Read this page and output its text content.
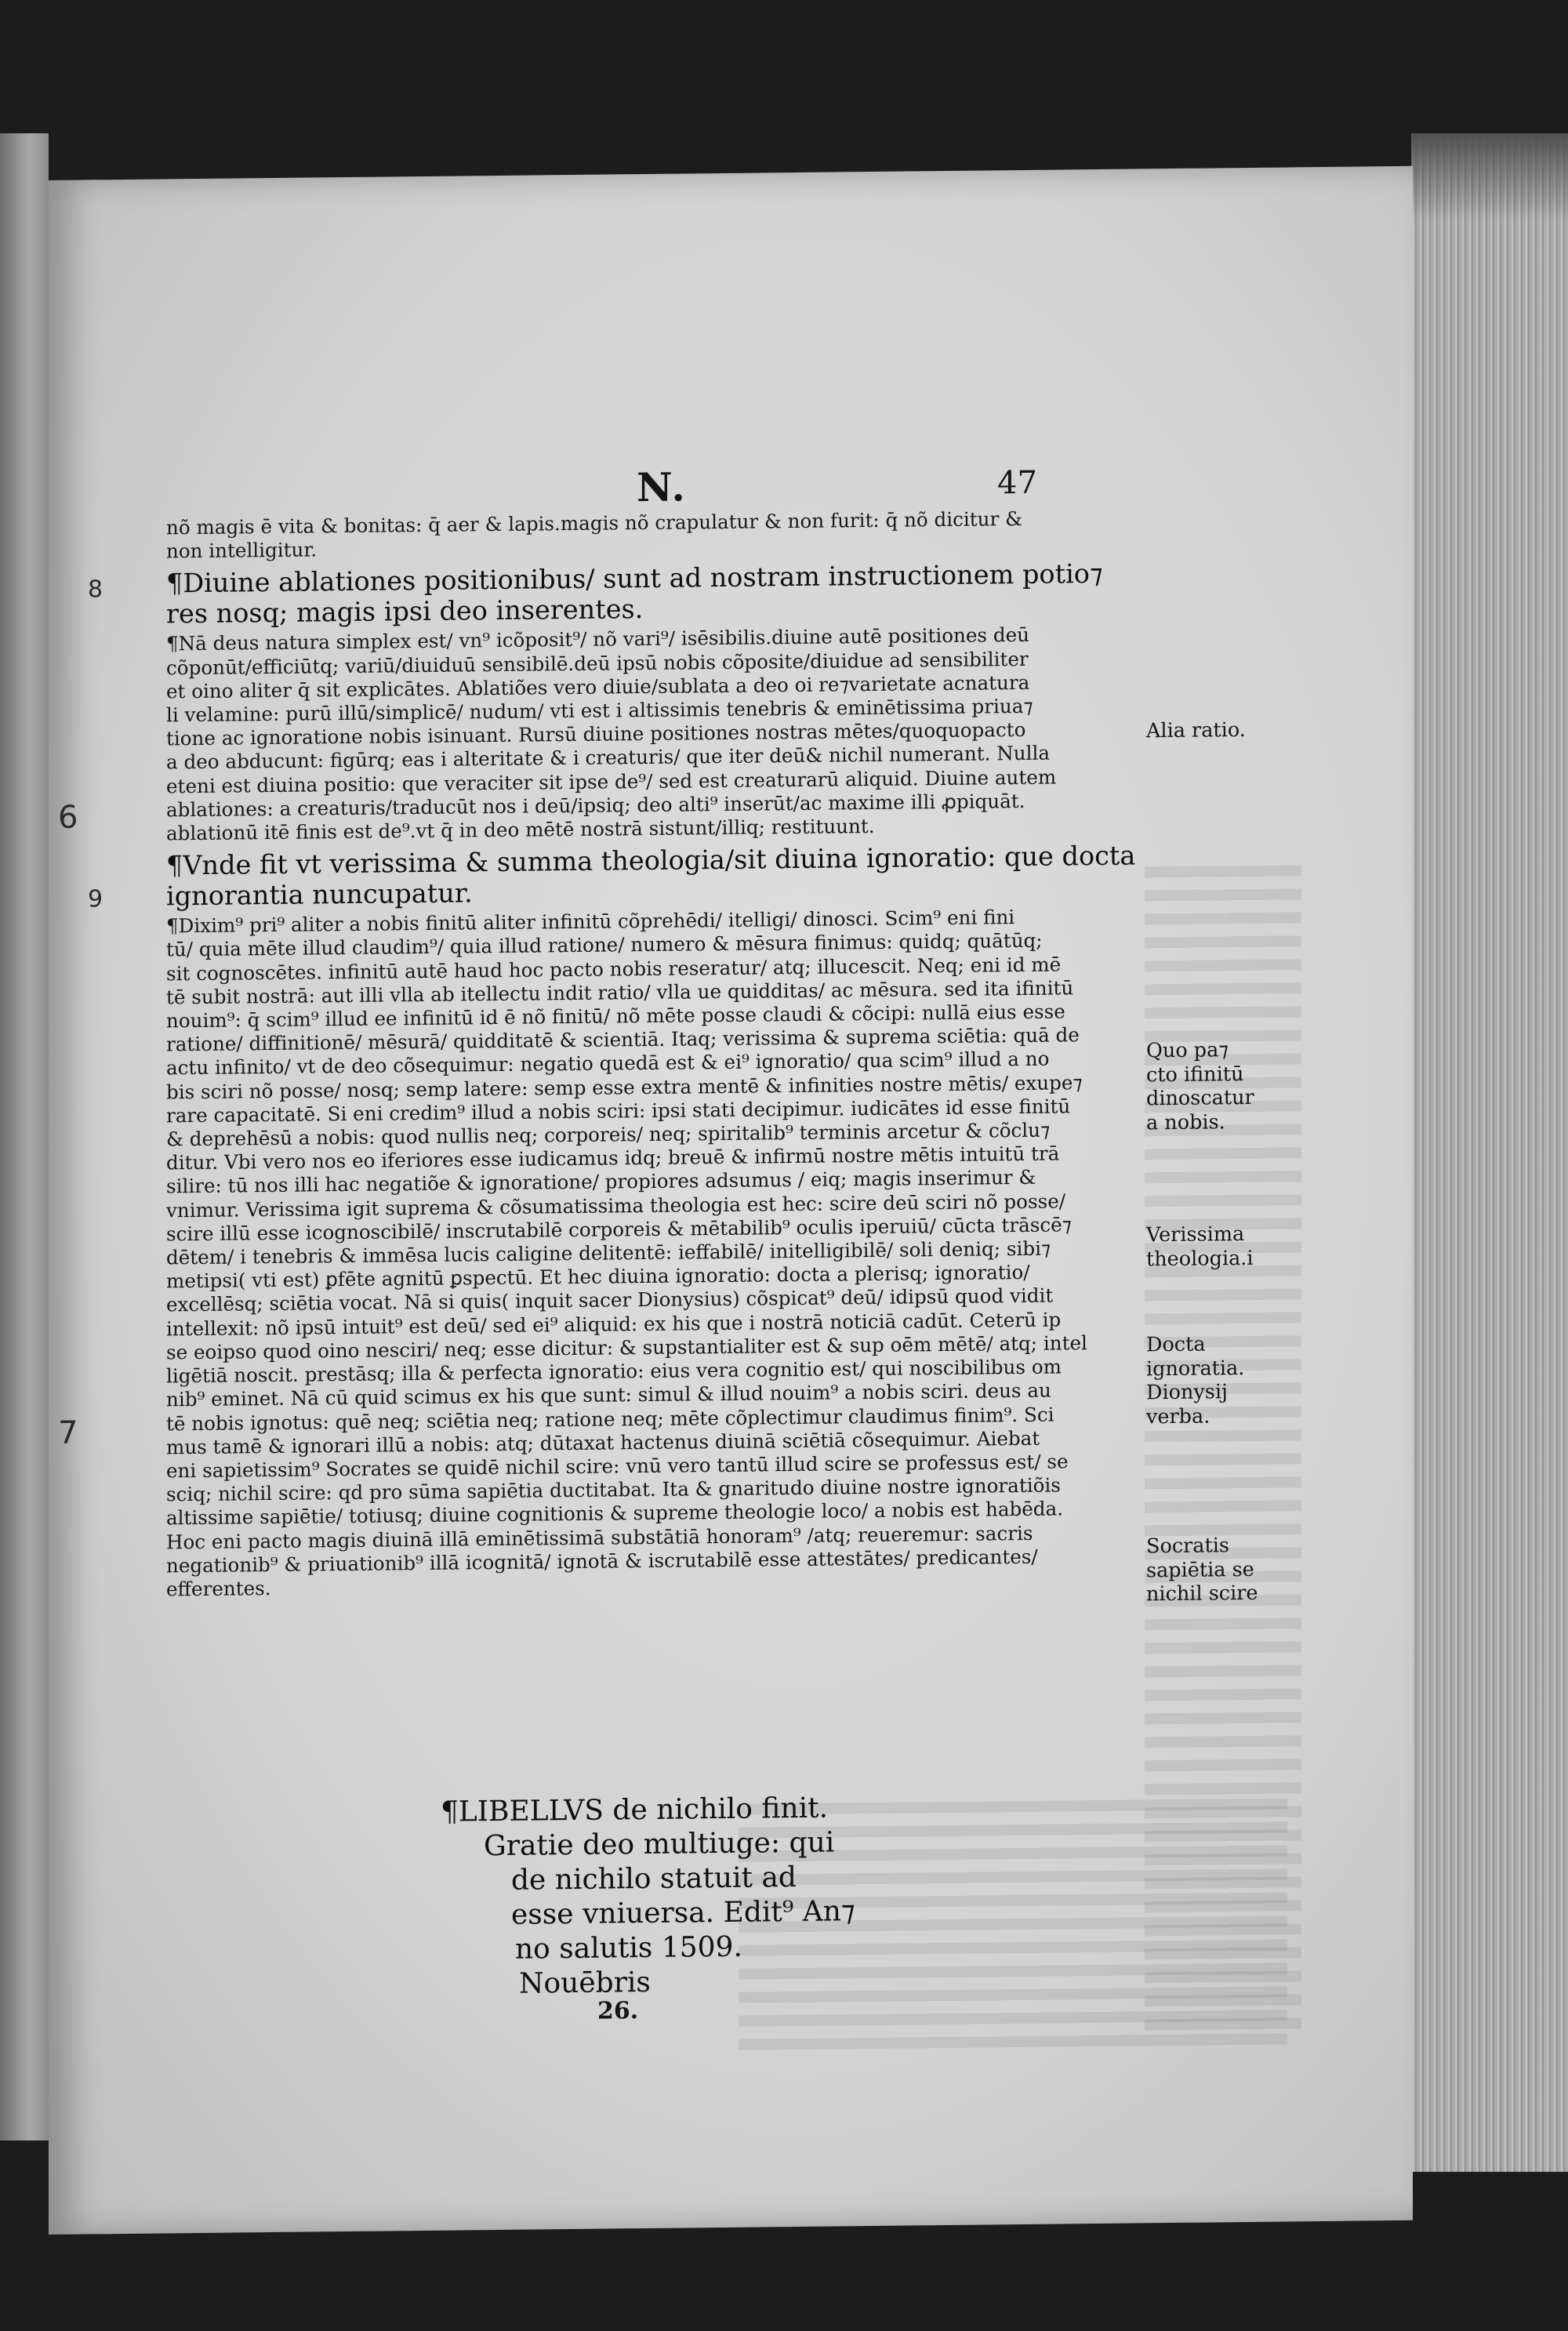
N.	47

nõ magis ē vita & bonitas: q̄ aer & lapis.magis nõ crapulatur & non furit: q̄ nõ dicitur &

non intelligitur.

¶Diuine ablationes positionibus/ sunt ad nostram instructionem potio⁊

res nosq; magis ipsi deo inserentes.

¶Nā deus natura simplex est/ vn⁹ icõposit⁹/ nõ vari⁹/ isēsibilis.diuine autē positiones deū

cõponūt/efficiūtq; variū/diuiduū sensibilē.deū ipsū nobis cõposite/diuidue ad sensibiliter

et oino aliter q̄ sit explicātes. Ablatiões vero diuie/sublata a deo oi re⁊varietate acnatura

li velamine: purū illū/simplicē/ nudum/ vti est i altissimis tenebris & eminētissima priua⁊

tione ac ignoratione nobis isinuant. Rursū diuine positiones nostras mētes/quoquopacto

a deo abducunt: figūrq; eas i alteritate & i creaturis/ que iter deū& nichil numerant. Nulla

eteni est diuina positio: que veraciter sit ipse de⁹/ sed est creaturarū aliquid. Diuine autem

ablationes: a creaturis/traducūt nos i deū/ipsiq; deo alti⁹ inserūt/ac maxime illi ꝓpiquāt.

ablationū itē finis est de⁹.vt q̄ in deo mētē nostrā sistunt/illiq; restituunt.

¶Vnde fit vt verissima & summa theologia/sit diuina ignoratio: que docta

ignorantia nuncupatur.

¶Dixim⁹ pri⁹ aliter a nobis finitū aliter infinitū cõprehēdi/ itelligi/ dinosci. Scim⁹ eni fini

tū/ quia mēte illud claudim⁹/ quia illud ratione/ numero & mēsura finimus: quidq; quātūq;

sit cognoscētes. infinitū autē haud hoc pacto nobis reseratur/ atq; illucescit. Neq; eni id mē

tē subit nostrā: aut illi vlla ab itellectu indit ratio/ vlla ue quidditas/ ac mēsura. sed ita ifinitū

nouim⁹: q̄ scim⁹ illud ee infinitū id ē nõ finitū/ nõ mēte posse claudi & cõcipi: nullā eius esse

ratione/ diffinitionē/ mēsurā/ quidditatē & scientiā. Itaq; verissima & suprema sciētia: quā de

actu infinito/ vt de deo cõsequimur: negatio quedā est & ei⁹ ignoratio/ qua scim⁹ illud a no

bis sciri nõ posse/ nosq; semp latere: semp esse extra mentē & infinities nostre mētis/ exupe⁊

rare capacitatē. Si eni credim⁹ illud a nobis sciri: ipsi stati decipimur. iudicātes id esse finitū

& deprehēsū a nobis: quod nullis neq; corporeis/ neq; spiritalib⁹ terminis arcetur & cõclu⁊

ditur. Vbi vero nos eo iferiores esse iudicamus idq; breuē & infirmū nostre mētis intuitū trā

silire: tū nos illi hac negatiõe & ignoratione/ propiores adsumus / eiq; magis inserimur &

vnimur. Verissima igit suprema & cõsumatissima theologia est hec: scire deū sciri nõ posse/

scire illū esse icognoscibilē/ inscrutabilē corporeis & mētabilib⁹ oculis iperuiū/ cūcta trāscē⁊

dētem/ i tenebris & immēsa lucis caligine delitentē: ieffabilē/ initelligibilē/ soli deniq; sibi⁊

metipsi( vti est) ꝑfēte agnitū ꝑspectū. Et hec diuina ignoratio: docta a plerisq; ignoratio/

excellēsq; sciētia vocat. Nā si quis( inquit sacer Dionysius) cõspicat⁹ deū/ idipsū quod vidit

intellexit: nõ ipsū intuit⁹ est deū/ sed ei⁹ aliquid: ex his que i nostrā noticiā cadūt. Ceterū ip

se eoipso quod oino nesciri/ neq; esse dicitur: & supstantialiter est & sup oēm mētē/ atq; intel

ligētiā noscit. prestāsq; illa & perfecta ignoratio: eius vera cognitio est/ qui noscibilibus om

nib⁹ eminet. Nā cū quid scimus ex his que sunt: simul & illud nouim⁹ a nobis sciri. deus au

tē nobis ignotus: quē neq; sciētia neq; ratione neq; mēte cõplectimur claudimus finim⁹. Sci

mus tamē & ignorari illū a nobis: atq; dūtaxat hactenus diuinā sciētiā cõsequimur. Aiebat

eni sapietissim⁹ Socrates se quidē nichil scire: vnū vero tantū illud scire se professus est/ se

sciq; nichil scire: qd pro sūma sapiētia ductitabat. Ita & gnaritudo diuine nostre ignoratiõis

altissime sapiētie/ totiusq; diuine cognitionis & supreme theologie loco/ a nobis est habēda.

Hoc eni pacto magis diuinā illā eminētissimā substātiā honoram⁹ /atq; reueremur: sacris

negationib⁹ & priuationib⁹ illā icognitā/ ignotā & iscrutabilē esse attestātes/ predicantes/

efferentes.

Alia ratio.
Quo pa⁊
cto ifinitū
dinoscatur
a nobis.
Verissima
theologia.i
Docta
ignoratia.
Dionysij
verba.
Socratis
sapiētia se
nichil scire
8
6
9
7
¶LIBELLVS de nichilo finit.
Gratie deo multiuge: qui
de nichilo statuit ad
esse vniuersa. Edit⁹ An⁊
no salutis 1509.
Nouēbris
26.
